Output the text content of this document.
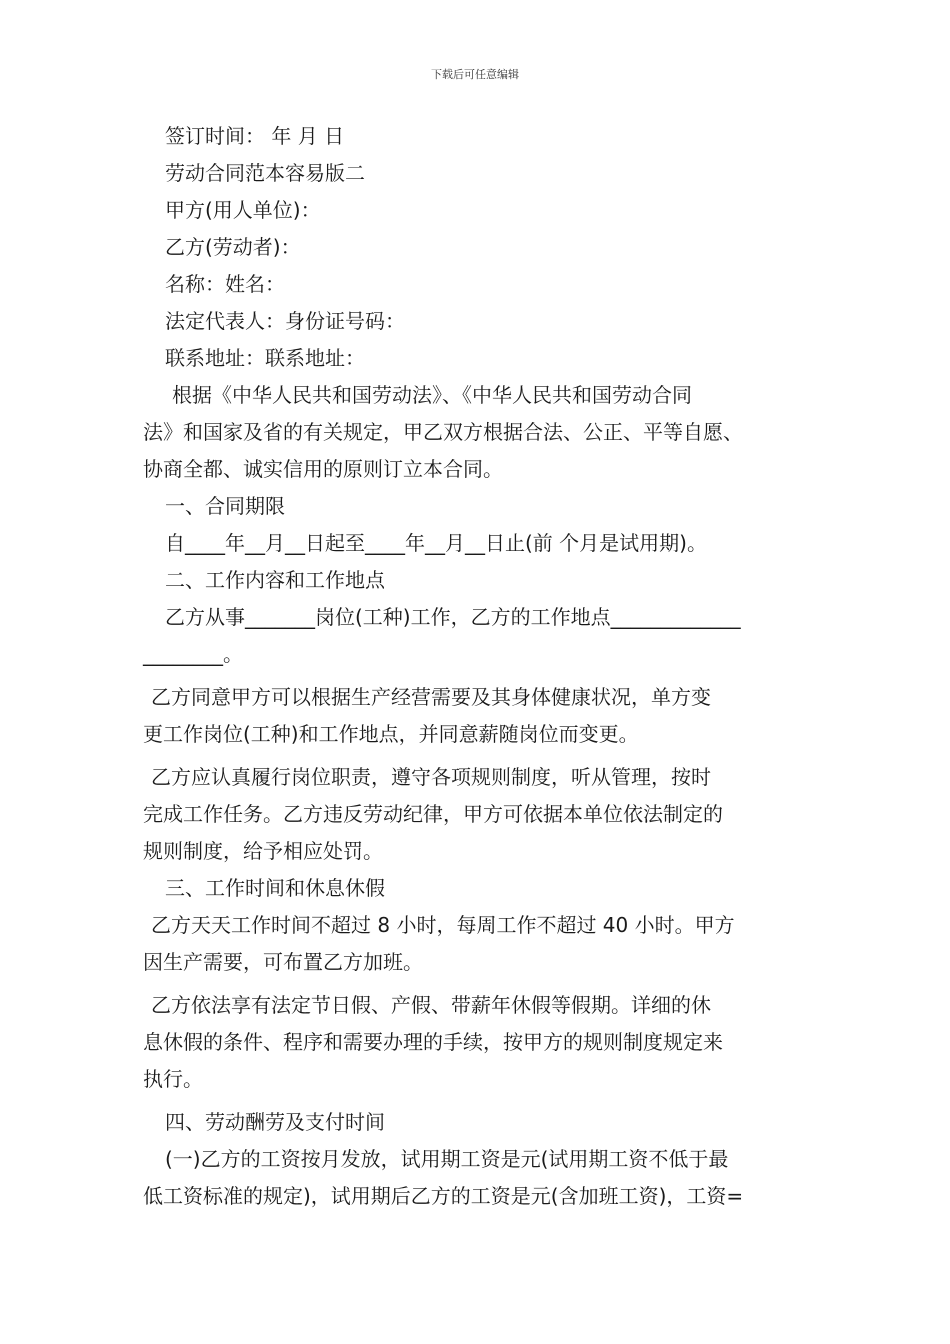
下载后可任意编辑
签订时间： 年 月 日
劳动合同范本容易版二
甲方(用人单位)：
乙方(劳动者)：
名称：姓名：
法定代表人：身份证号码：
联系地址：联系地址：
根据《中华人民共和国劳动法》、《中华人民共和国劳动合同
法》和国家及省的有关规定，甲乙双方根据合法、公正、平等自愿、
协商全都、诚实信用的原则订立本合同。
一、合同期限
自____年__月__日起至____年__月__日止(前 个月是试用期)。
二、工作内容和工作地点
乙方从事_______岗位(工种)工作，乙方的工作地点_____________
________。
乙方同意甲方可以根据生产经营需要及其身体健康状况，单方变
更工作岗位(工种)和工作地点，并同意薪随岗位而变更。
乙方应认真履行岗位职责，遵守各项规则制度，听从管理，按时
完成工作任务。乙方违反劳动纪律，甲方可依据本单位依法制定的
规则制度，给予相应处罚。
三、工作时间和休息休假
乙方天天工作时间不超过 8 小时，每周工作不超过 40 小时。甲方
因生产需要，可布置乙方加班。
乙方依法享有法定节日假、产假、带薪年休假等假期。详细的休
息休假的条件、程序和需要办理的手续，按甲方的规则制度规定来
执行。
四、劳动酬劳及支付时间
(一)乙方的工资按月发放，试用期工资是元(试用期工资不低于最
低工资标准的规定)，试用期后乙方的工资是元(含加班工资)，工资=
